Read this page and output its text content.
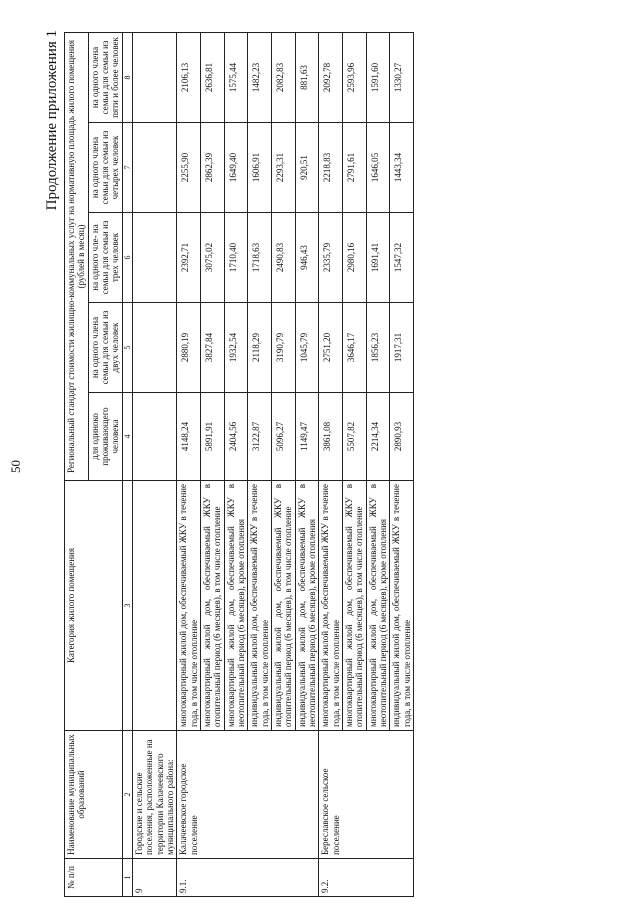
50
Продолжение приложения 1
№ п/п	Наименование муниципальных образований	Категория жилого помещения	Региональный стандарт стоимости жилищно-коммунальных услуг на нормативную площадь жилого помещения (рублей в месяц)				
			для одиноко проживающего человека	на одного члена семьи для семьи из двух человек	на одного чле- на семьи для семьи из трех человек	на одного члена семьи для семьи из четырех человек	на одного члена семьи для семьи из пяти и более человек
1	2	3	4	5	6	7	8
9	Городские и сельские поселения, расположенные на территории Калачеевского муниципального района:						
9.1.	Калачеевское городское поселение	многоквартирный жилой дом, обеспечиваемый ЖКУ в течение года, в том числе отопление	4148,24	2880,19	2392,71	2255,90	2106,13
		многоквартирный жилой дом, обеспечиваемый ЖКУ в отопительный период (6 месяцев), в том числе отопление	5891,91	3827,84	3075,02	2862,39	2636,81
		многоквартирный жилой дом, обеспечиваемый ЖКУ в неотопительный период (6 месяцев), кроме отопления	2404,56	1932,54	1710,40	1649,40	1575,44
		индивидуальный жилой дом, обеспечиваемый ЖКУ в течение года, в том числе отопление	3122,87	2118,29	1718,63	1606,91	1482,23
		индивидуальный жилой дом, обеспечиваемый ЖКУ в отопительный период (6 месяцев), в том числе отопление	5096,27	3190,79	2490,83	2293,31	2082,83
		индивидуальный жилой дом, обеспечиваемый ЖКУ в неотопительный период (6 месяцев), кроме отопления	1149,47	1045,79	946,43	920,51	881,63
9.2.	Береславское сельское поселение	многоквартирный жилой дом, обеспечиваемый ЖКУ в течение года, в том числе отопление	3861,08	2751,20	2335,79	2218,83	2092,78
		многоквартирный жилой дом, обеспечиваемый ЖКУ в отопительный период (6 месяцев), в том числе отопление	5507,82	3646,17	2980,16	2791,61	2593,96
		многоквартирный жилой дом, обеспечиваемый ЖКУ в неотопительный период (6 месяцев), кроме отопления	2214,34	1856,23	1691,41	1646,05	1591,60
		индивидуальный жилой дом, обеспечиваемый ЖКУ в течение года, в том числе отопление	2890,93	1917,31	1547,32	1443,34	1330,27
